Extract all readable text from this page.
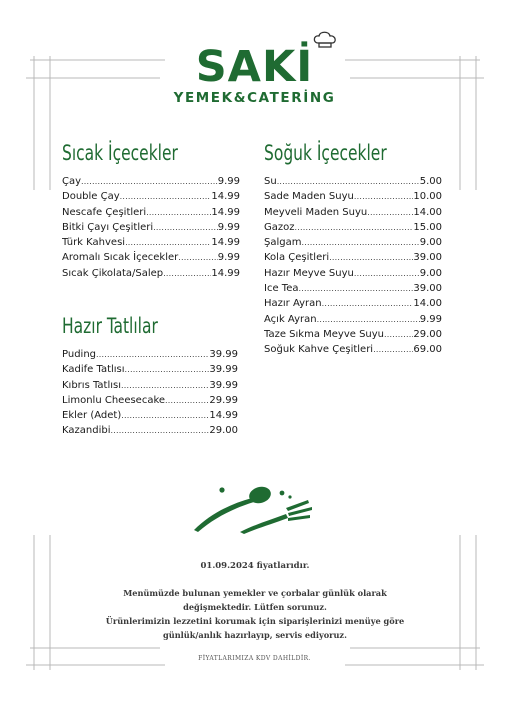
SAKİ
YEMEK&CATERİNG
Sıcak İçecekler
Çay .....	9.99
Double Çay .....	14.99
Nescafe Çeşitleri .....	14.99
Bitki Çayı Çeşitleri .....	9.99
Türk Kahvesi .....	14.99
Aromalı Sıcak İçecekler .....	9.99
Sıcak Çikolata/Salep .....	14.99
Hazır Tatlılar
Puding .....	39.99
Kadife Tatlısı .....	39.99
Kıbrıs Tatlısı .....	39.99
Limonlu Cheesecake .....	29.99
Ekler (Adet) .....	14.99
Kazandibi .....	29.00
Soğuk İçecekler
Su .....	5.00
Sade Maden Suyu .....	10.00
Meyveli Maden Suyu .....	14.00
Gazoz .....	15.00
Şalgam .....	9.00
Kola Çeşitleri .....	39.00
Hazır Meyve Suyu .....	9.00
Ice Tea .....	39.00
Hazır Ayran .....	14.00
Açık Ayran .....	9.99
Taze Sıkma Meyve Suyu .....	29.00
Soğuk Kahve Çeşitleri .....	69.00
01.09.2024 fiyatlarıdır.
Menümüzde bulunan yemekler ve çorbalar günlük olarak
değişmektedir. Lütfen sorunuz.
Ürünlerimizin lezzetini korumak için siparişlerinizi menüye göre
günlük/anlık hazırlayıp, servis ediyoruz.
FİYATLARIMIZA KDV DAHİLDİR.
